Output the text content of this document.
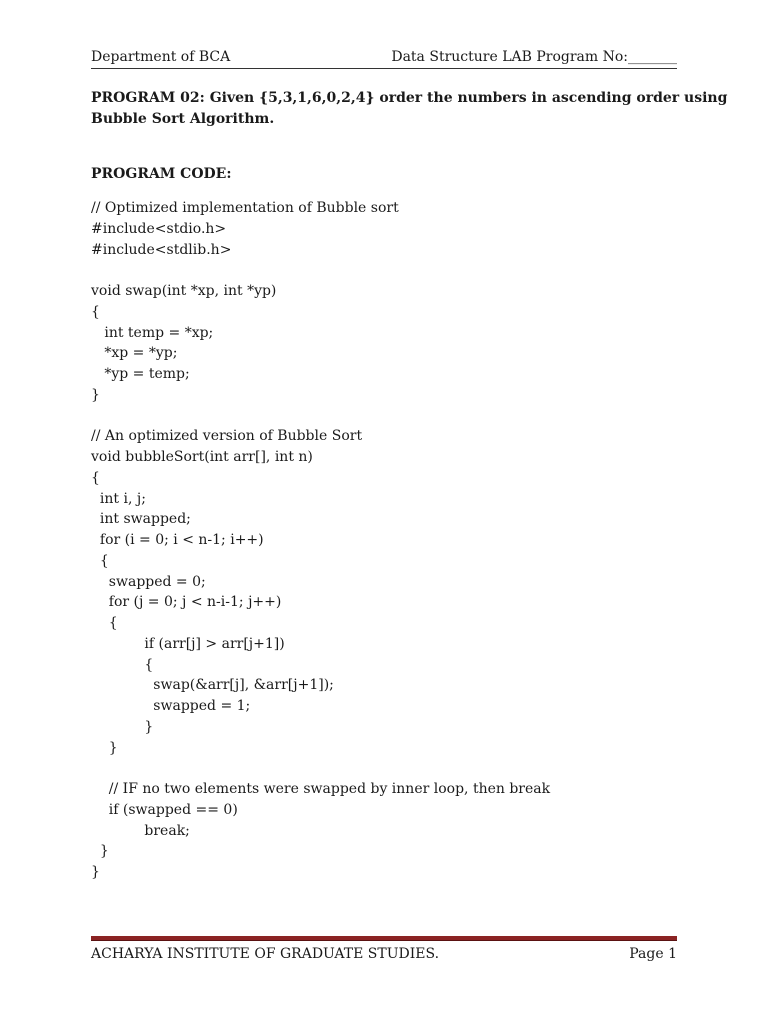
Department of BCA	Data Structure LAB Program No:_______
PROGRAM 02: Given {5,3,1,6,0,2,4} order the numbers in ascending order using
Bubble Sort Algorithm.
PROGRAM CODE:
// Optimized implementation of Bubble sort
#include<stdio.h>
#include<stdlib.h>
void swap(int *xp, int *yp)
{
int temp = *xp;
*xp = *yp;
*yp = temp;
}
// An optimized version of Bubble Sort
void bubbleSort(int arr[], int n)
{
int i, j;
int swapped;
for (i = 0; i < n-1; i++)
{
swapped = 0;
for (j = 0; j < n-i-1; j++)
{
if (arr[j] > arr[j+1])
{
swap(&arr[j], &arr[j+1]);
swapped = 1;
}
}
// IF no two elements were swapped by inner loop, then break
if (swapped == 0)
break;
}
}
ACHARYA INSTITUTE OF GRADUATE STUDIES.	Page 1
